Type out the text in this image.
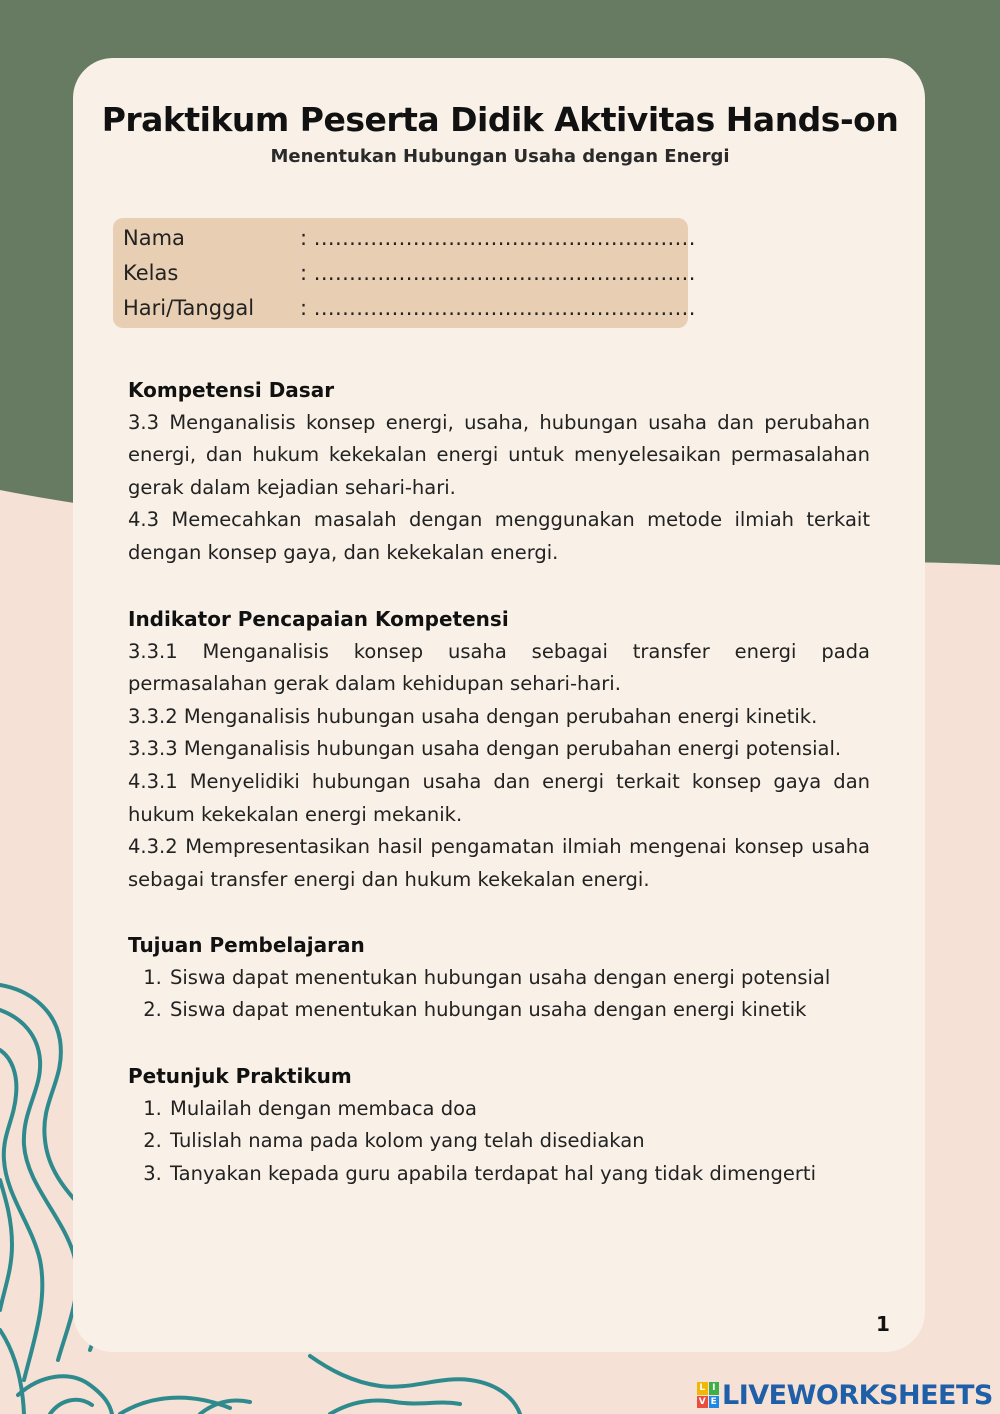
Praktikum Peserta Didik Aktivitas Hands-on
Menentukan Hubungan Usaha dengan Energi
Nama	: ......................................................
Kelas	: ......................................................
Hari/Tanggal : ......................................................
Kompetensi Dasar

3.3 Menganalisis konsep energi, usaha, hubungan usaha dan perubahan energi, dan hukum kekekalan energi untuk menyelesaikan permasalahan gerak dalam kejadian sehari-hari.

4.3 Memecahkan masalah dengan menggunakan metode ilmiah terkait dengan konsep gaya, dan kekekalan energi.

Indikator Pencapaian Kompetensi

3.3.1 Menganalisis konsep usaha sebagai transfer energi pada permasalahan gerak dalam kehidupan sehari-hari.

3.3.2 Menganalisis hubungan usaha dengan perubahan energi kinetik.

3.3.3 Menganalisis hubungan usaha dengan perubahan energi potensial.

4.3.1 Menyelidiki hubungan usaha dan energi terkait konsep gaya dan hukum kekekalan energi mekanik.

4.3.2 Mempresentasikan hasil pengamatan ilmiah mengenai konsep usaha sebagai transfer energi dan hukum kekekalan energi.

Tujuan Pembelajaran
1. Siswa dapat menentukan hubungan usaha dengan energi potensial
2. Siswa dapat menentukan hubungan usaha dengan energi kinetik
Petunjuk Praktikum
1. Mulailah dengan membaca doa
2. Tulislah nama pada kolom yang telah disediakan
3. Tanyakan kepada guru apabila terdapat hal yang tidak dimengerti
1
L I
V E LIVEWORKSHEETS
